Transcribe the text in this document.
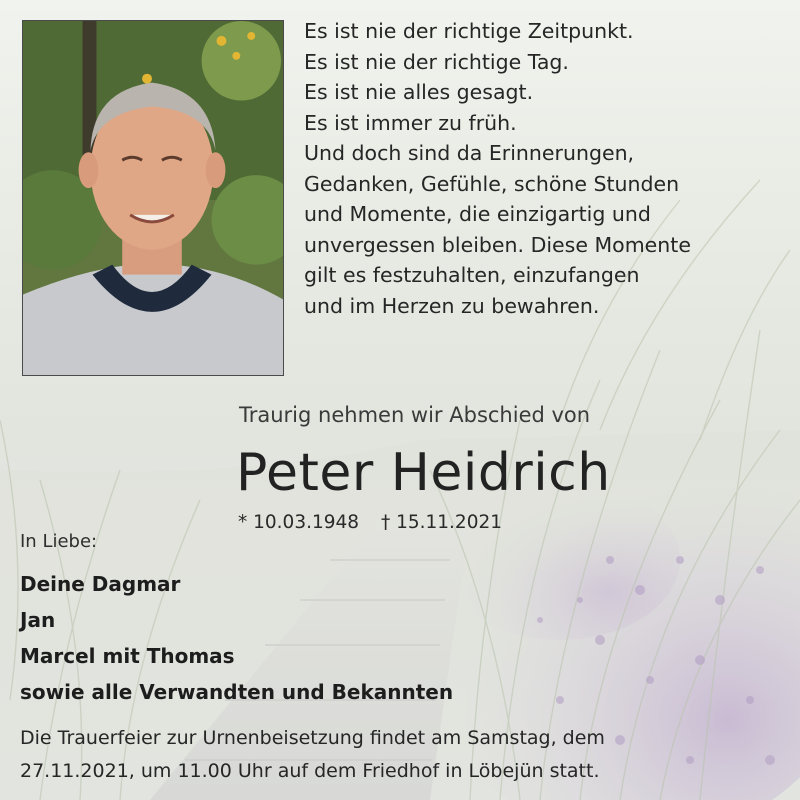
Es ist nie der richtige Zeitpunkt.
Es ist nie der richtige Tag.
Es ist nie alles gesagt.
Es ist immer zu früh.
Und doch sind da Erinnerungen,
Gedanken, Gefühle, schöne Stunden
und Momente, die einzigartig und
unvergessen bleiben. Diese Momente
gilt es festzuhalten, einzufangen
und im Herzen zu bewahren.
Traurig nehmen wir Abschied von
Peter Heidrich
* 10.03.1948 † 15.11.2021
In Liebe:
Deine Dagmar
Jan
Marcel mit Thomas
sowie alle Verwandten und Bekannten
Die Trauerfeier zur Urnenbeisetzung findet am Samstag, dem
27.11.2021, um 11.00 Uhr auf dem Friedhof in Löbejün statt.
